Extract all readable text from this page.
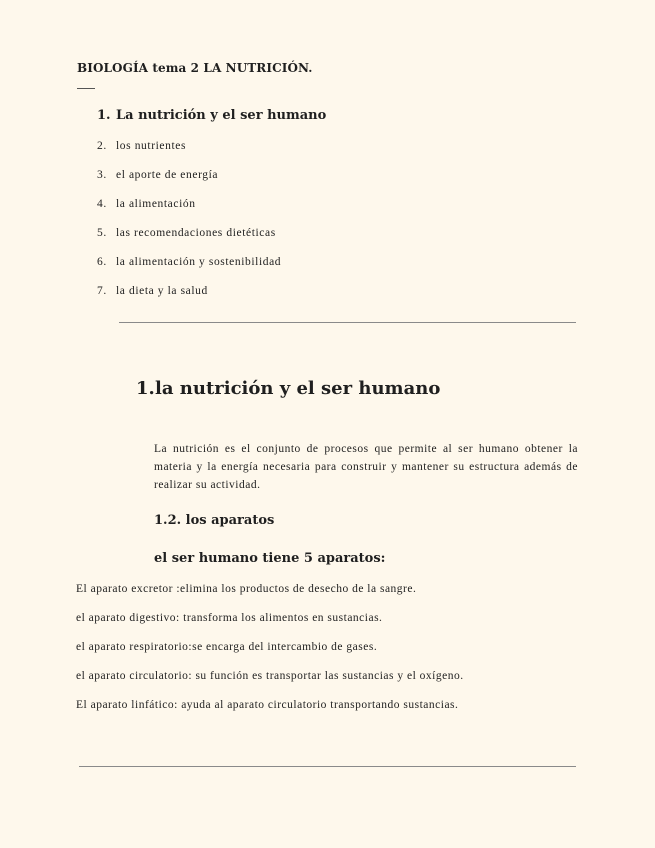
BIOLOGÍA tema 2 LA NUTRICIÓN.
1. La nutrición y el ser humano
2. los nutrientes
3. el aporte de energía
4. la alimentación
5. las recomendaciones dietéticas
6. la alimentación y sostenibilidad
7. la dieta y la salud
1.la nutrición y el ser humano
La nutrición es el conjunto de procesos que permite al ser humano obtener la materia y la energía necesaria para construir y mantener su estructura además de realizar su actividad.
1.2. los aparatos
el ser humano tiene 5 aparatos:
El aparato excretor :elimina los productos de desecho de la sangre.
el aparato digestivo: transforma los alimentos en sustancias.
el aparato respiratorio:se encarga del intercambio de gases.
el aparato circulatorio: su función es transportar las sustancias y el oxígeno.
El aparato linfático: ayuda al aparato circulatorio transportando sustancias.
